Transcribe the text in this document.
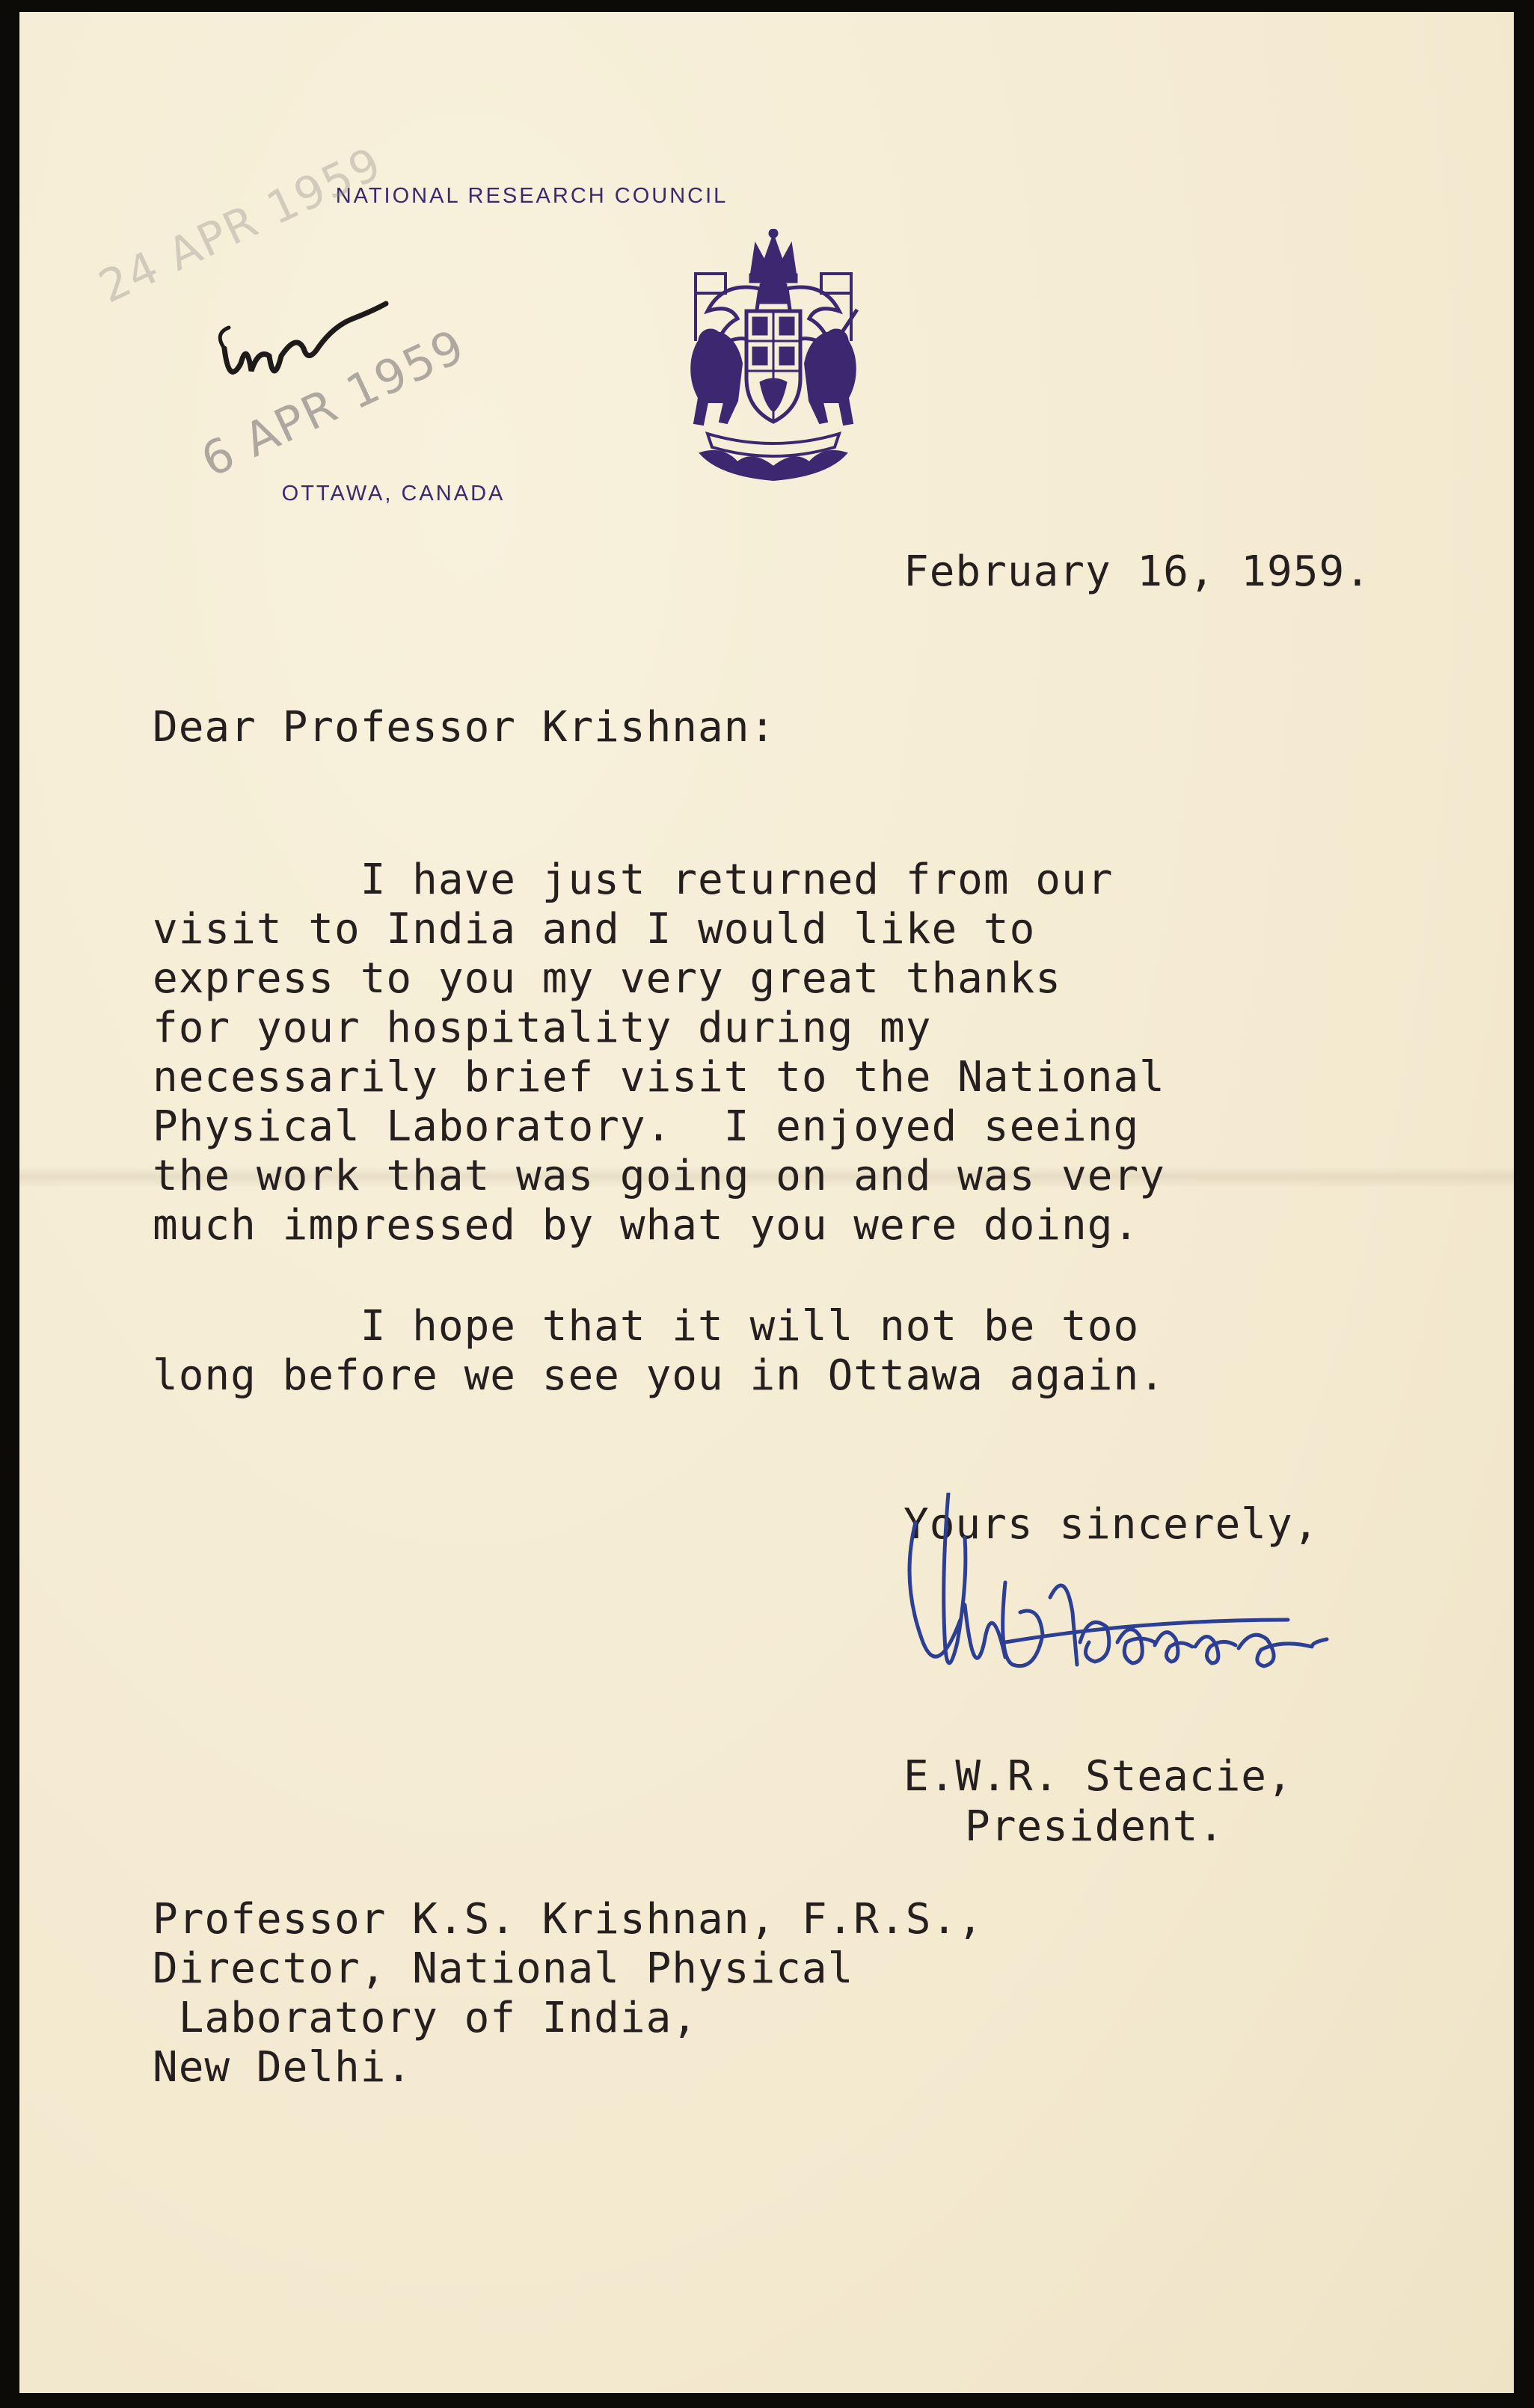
NATIONAL RESEARCH COUNCIL
OTTAWA, CANADA
24 APR 1959
6 APR 1959
February 16, 1959.
Dear Professor Krishnan:
I have just returned from our
visit to India and I would like to
express to you my very great thanks
for your hospitality during my
necessarily brief visit to the National
Physical Laboratory.  I enjoyed seeing
the work that was going on and was very
much impressed by what you were doing.
I hope that it will not be too
long before we see you in Ottawa again.
Yours sincerely,
E.W.R. Steacie,
President.
Professor K.S. Krishnan, F.R.S.,
Director, National Physical
Laboratory of India,
New Delhi.
